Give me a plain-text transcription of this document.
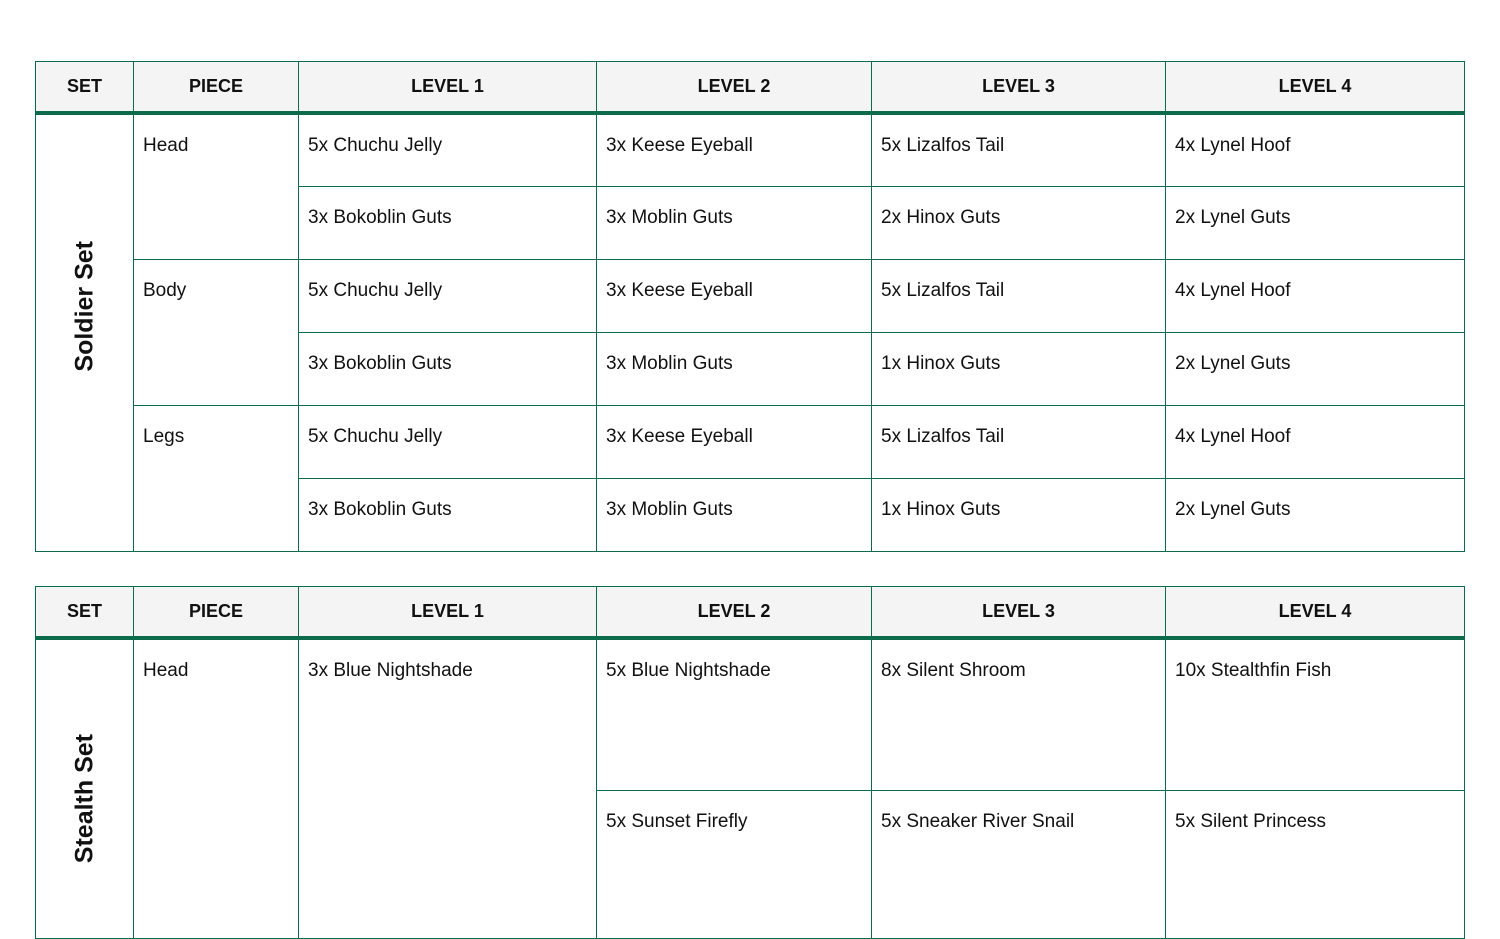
SET	PIECE	LEVEL 1	LEVEL 2	LEVEL 3	LEVEL 4

Soldier Set	Head	5x Chuchu Jelly	3x Keese Eyeball	5x Lizalfos Tail	4x Lynel Hoof
		3x Bokoblin Guts	3x Moblin Guts	2x Hinox Guts	2x Lynel Guts
	Body	5x Chuchu Jelly	3x Keese Eyeball	5x Lizalfos Tail	4x Lynel Hoof
		3x Bokoblin Guts	3x Moblin Guts	1x Hinox Guts	2x Lynel Guts
	Legs	5x Chuchu Jelly	3x Keese Eyeball	5x Lizalfos Tail	4x Lynel Hoof
		3x Bokoblin Guts	3x Moblin Guts	1x Hinox Guts	2x Lynel Guts
SET	PIECE	LEVEL 1	LEVEL 2	LEVEL 3	LEVEL 4

Stealth Set	Head	3x Blue Nightshade	5x Blue Nightshade	8x Silent Shroom	10x Stealthfin Fish
			5x Sunset Firefly	5x Sneaker River Snail	5x Silent Princess
